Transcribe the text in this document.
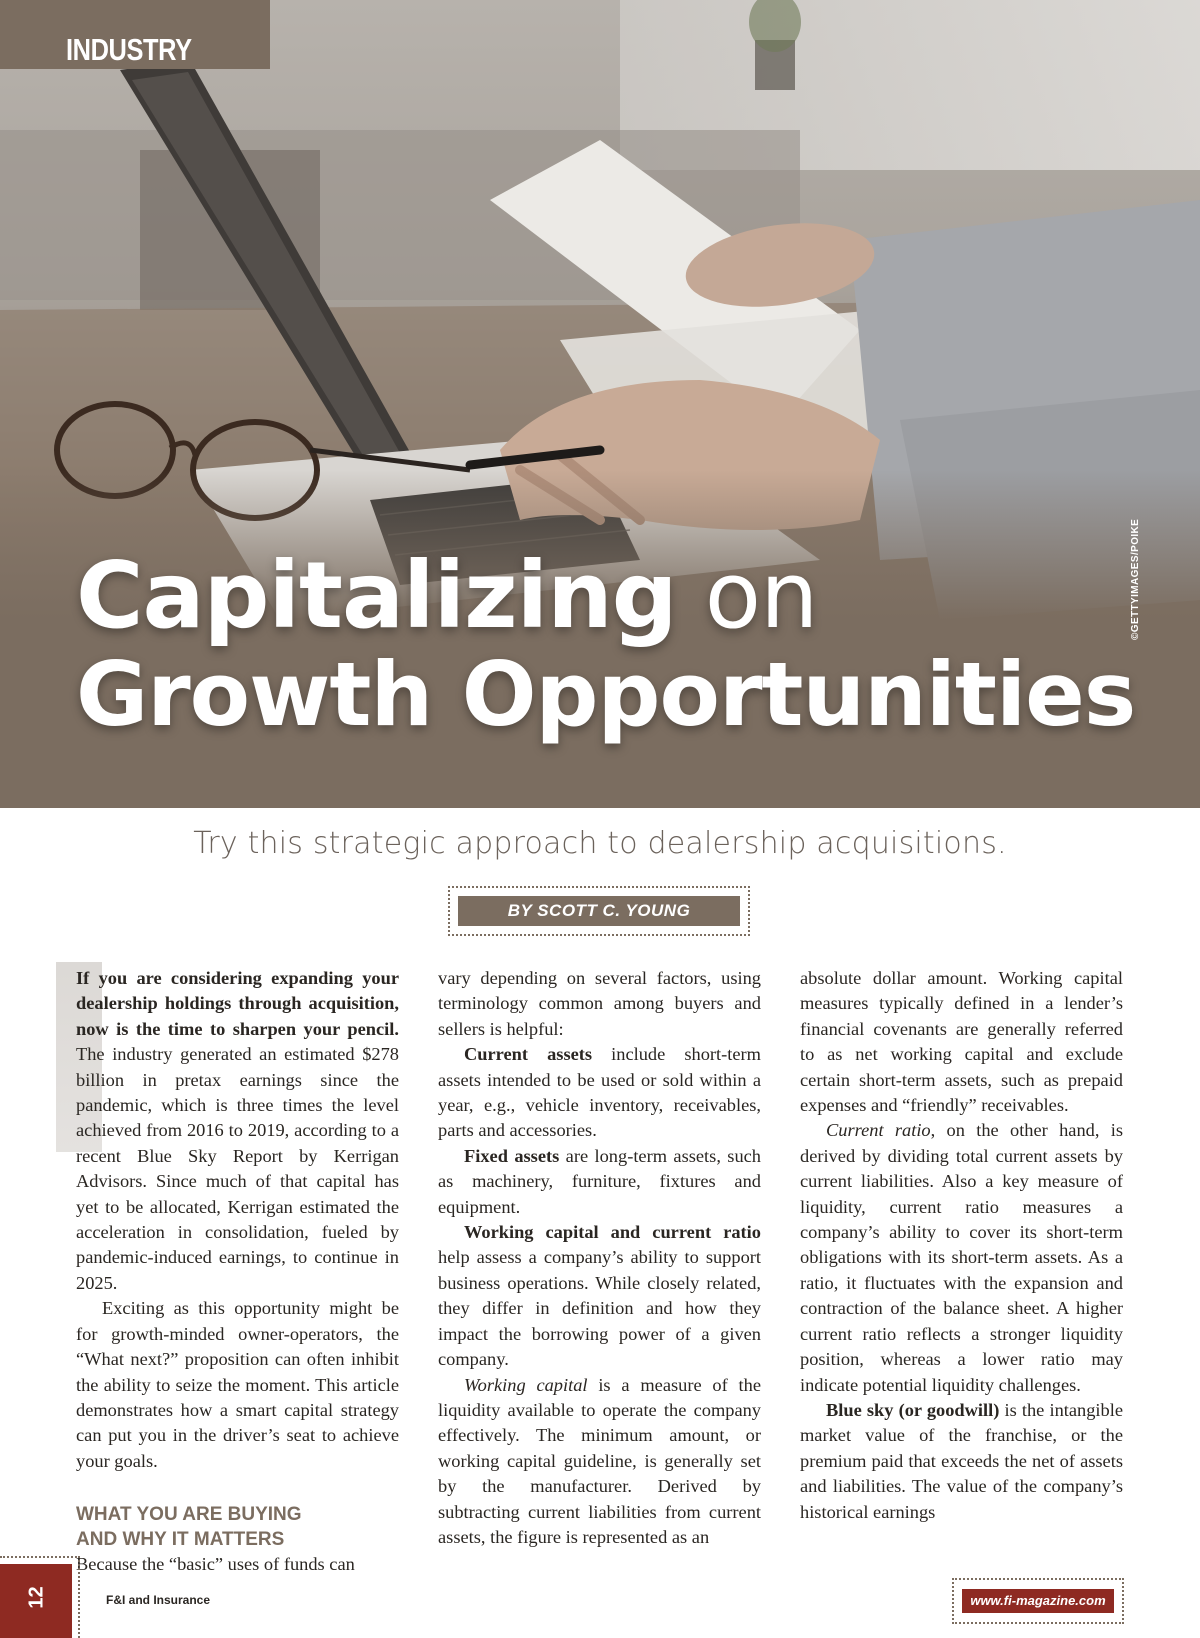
INDUSTRY
©GETTYIMAGES/POIKE
Capitalizing on
Growth Opportunities
Try this strategic approach to dealership acquisitions.
BY SCOTT C. YOUNG

If you are considering expanding your dealership holdings through acquisition, now is the time to sharpen your pencil. The industry generated an estimated $278 billion in pretax earnings since the pandemic, which is three times the level achieved from 2016 to 2019, according to a recent Blue Sky Report by Kerrigan Advisors. Since much of that capital has yet to be allocated, Kerrigan estimated the acceleration in consolidation, fueled by pandemic-induced earnings, to continue in 2025.

Exciting as this opportunity might be for growth-minded owner-operators, the “What next?” proposition can often inhibit the ability to seize the moment. This article demonstrates how a smart capital strategy can put you in the driver’s seat to achieve your goals.

WHAT YOU ARE BUYING
AND WHY IT MATTERS

Because the “basic” uses of funds can

vary depending on several factors, using terminology common among buyers and sellers is helpful:

Current assets include short-term assets intended to be used or sold within a year, e.g., vehicle inventory, receivables, parts and accessories.

Fixed assets are long-term assets, such as machinery, furniture, fixtures and equipment.

Working capital and current ratio help assess a company’s ability to support business operations. While closely related, they differ in definition and how they impact the borrowing power of a given company.

Working capital is a measure of the liquidity available to operate the company effectively. The minimum amount, or working capital guideline, is generally set by the manufacturer. Derived by subtracting current liabilities from current assets, the figure is represented as an

absolute dollar amount. Working capital measures typically defined in a lender’s financial covenants are generally referred to as net working capital and exclude certain short-term assets, such as prepaid expenses and “friendly” receivables.

Current ratio, on the other hand, is derived by dividing total current assets by current liabilities. Also a key measure of liquidity, current ratio measures a company’s ability to cover its short-term obligations with its short-term assets. As a ratio, it fluctuates with the expansion and contraction of the balance sheet. A higher current ratio reflects a stronger liquidity position, whereas a lower ratio may indicate potential liquidity challenges.

Blue sky (or goodwill) is the intangible market value of the franchise, or the premium paid that exceeds the net of assets and liabilities. The value of the company’s historical earnings

12	F&I and Insurance	www.fi-magazine.com
